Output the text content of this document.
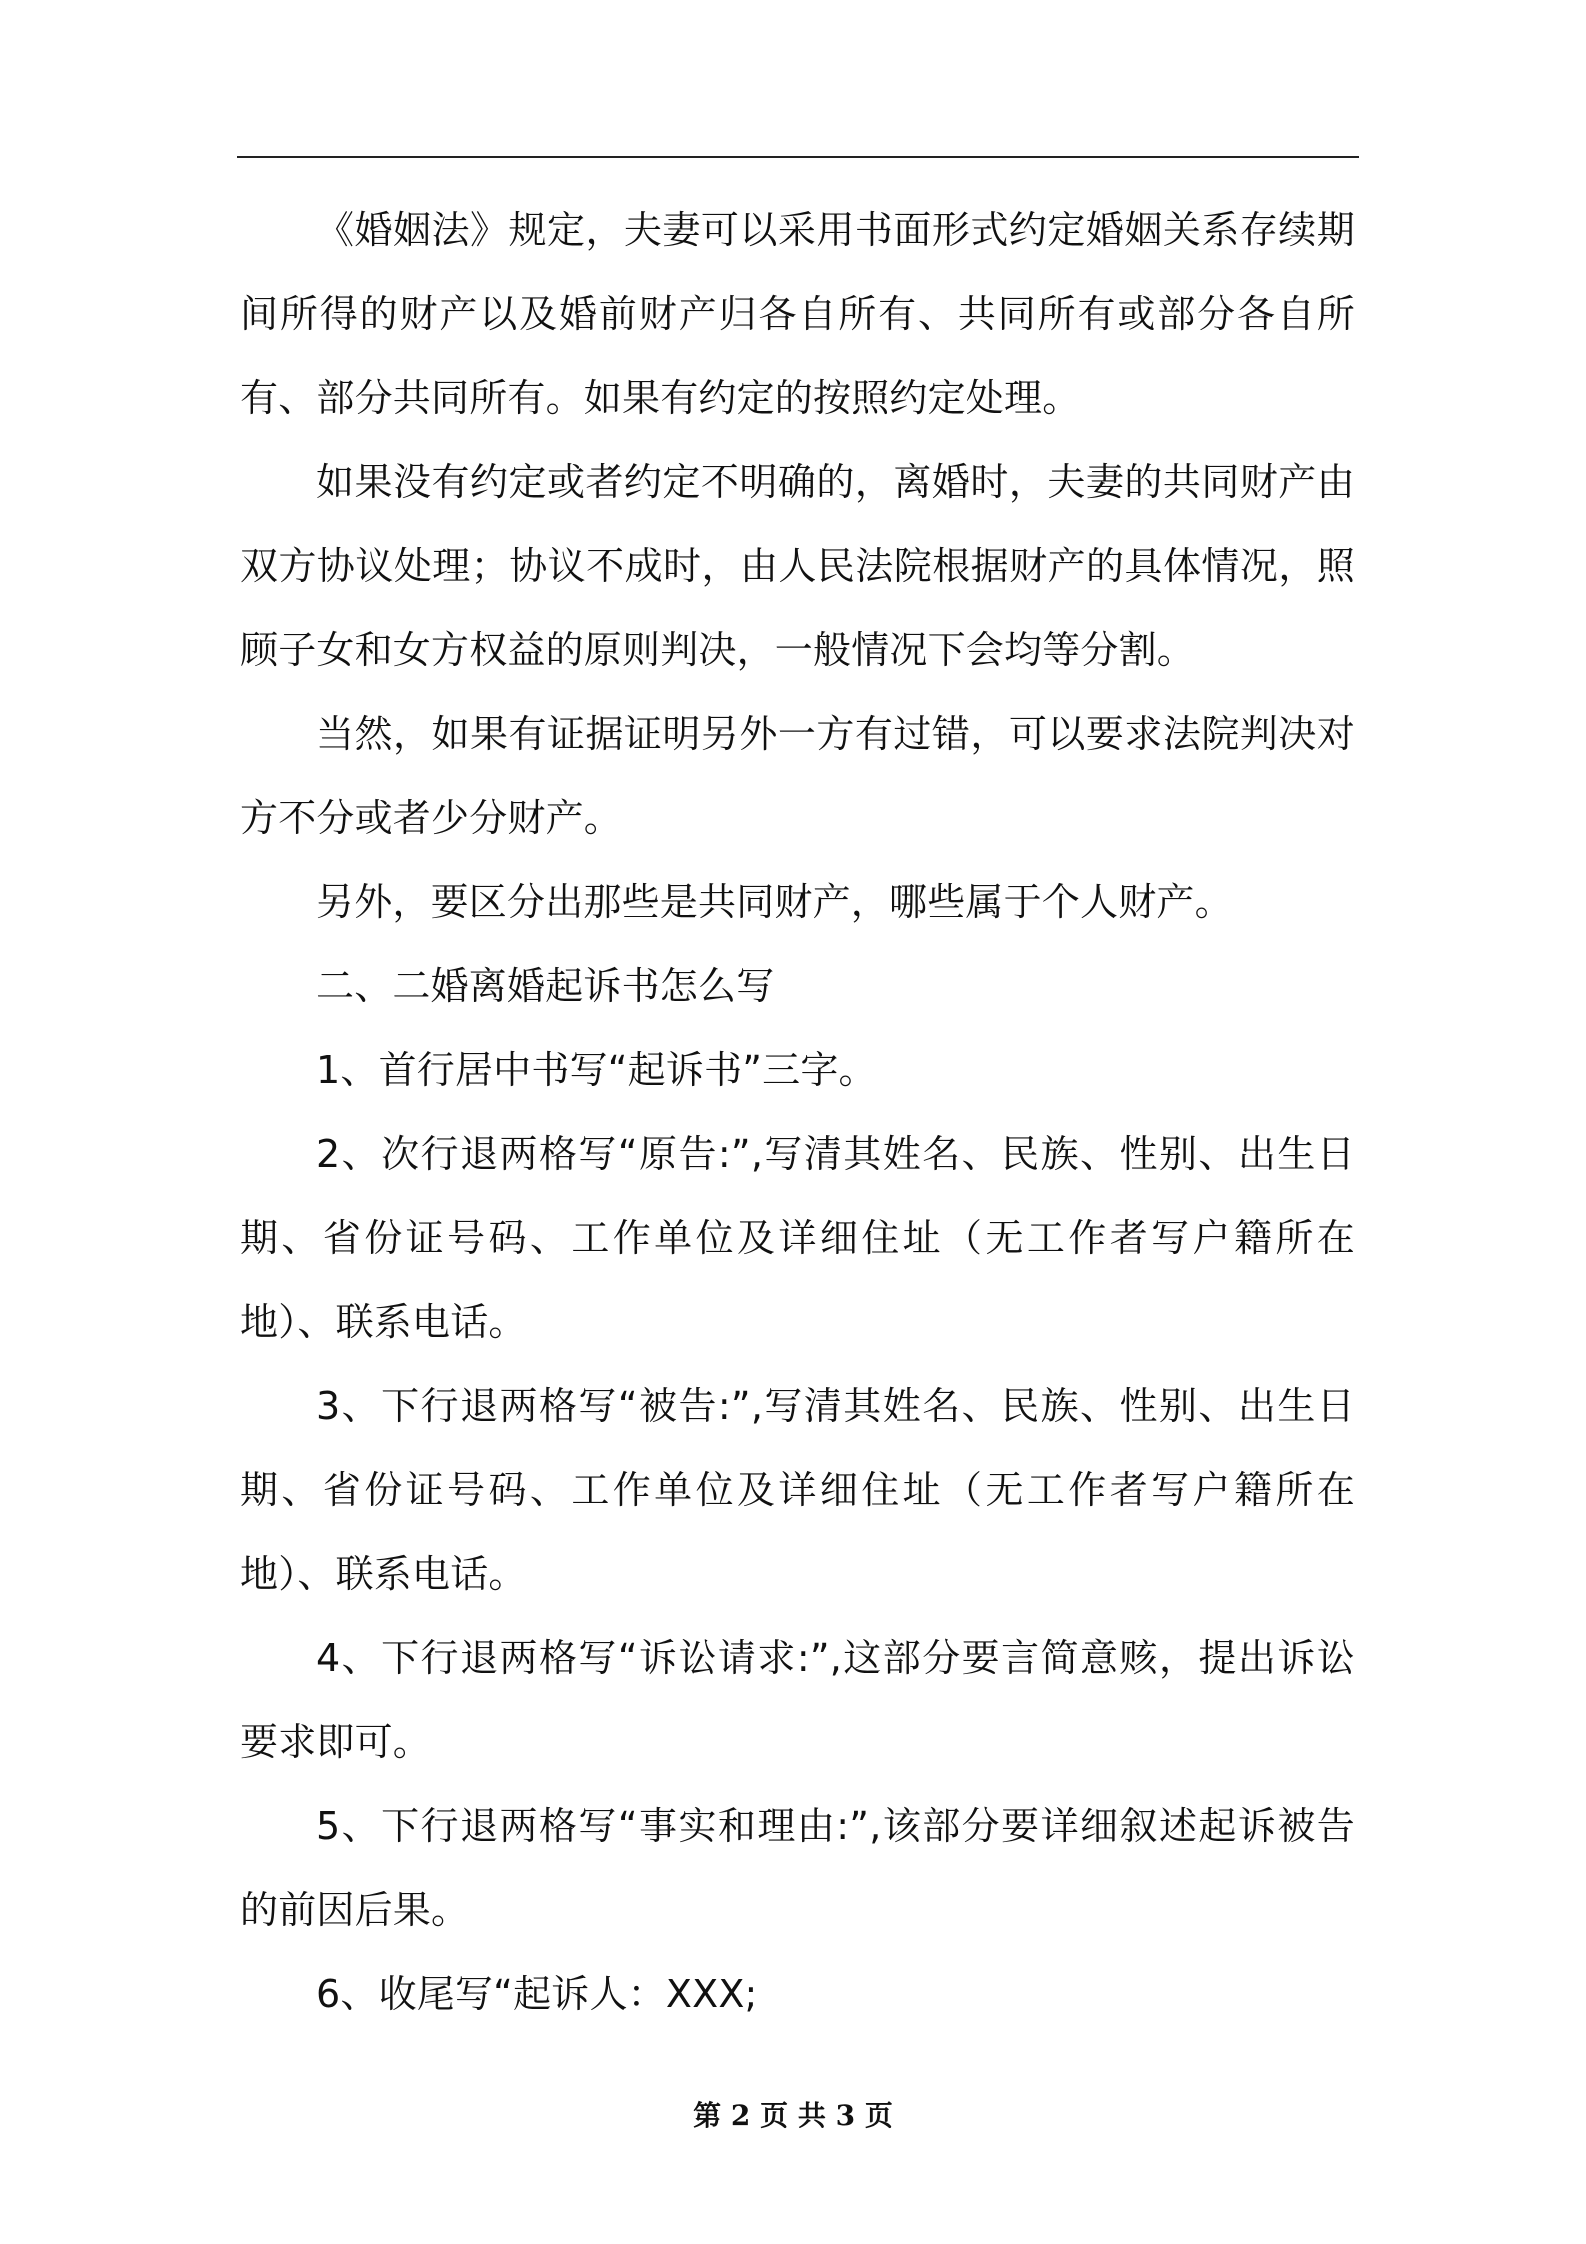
《婚姻法》规定，夫妻可以采用书面形式约定婚姻关系存续期间所得的财产以及婚前财产归各自所有、共同所有或部分各自所有、部分共同所有。如果有约定的按照约定处理。

如果没有约定或者约定不明确的，离婚时，夫妻的共同财产由双方协议处理；协议不成时，由人民法院根据财产的具体情况，照顾子女和女方权益的原则判决，一般情况下会均等分割。

当然，如果有证据证明另外一方有过错，可以要求法院判决对方不分或者少分财产。

另外，要区分出那些是共同财产，哪些属于个人财产。

二、二婚离婚起诉书怎么写

1、首行居中书写“起诉书”三字。

2、次行退两格写“原告:”,写清其姓名、民族、性别、出生日期、省份证号码、工作单位及详细住址（无工作者写户籍所在地）、联系电话。

3、下行退两格写“被告:”,写清其姓名、民族、性别、出生日期、省份证号码、工作单位及详细住址（无工作者写户籍所在地）、联系电话。

4、下行退两格写“诉讼请求:”,这部分要言简意赅，提出诉讼要求即可。

5、下行退两格写“事实和理由:”,该部分要详细叙述起诉被告的前因后果。

6、收尾写“起诉人：XXX;

第 2 页 共 3 页
